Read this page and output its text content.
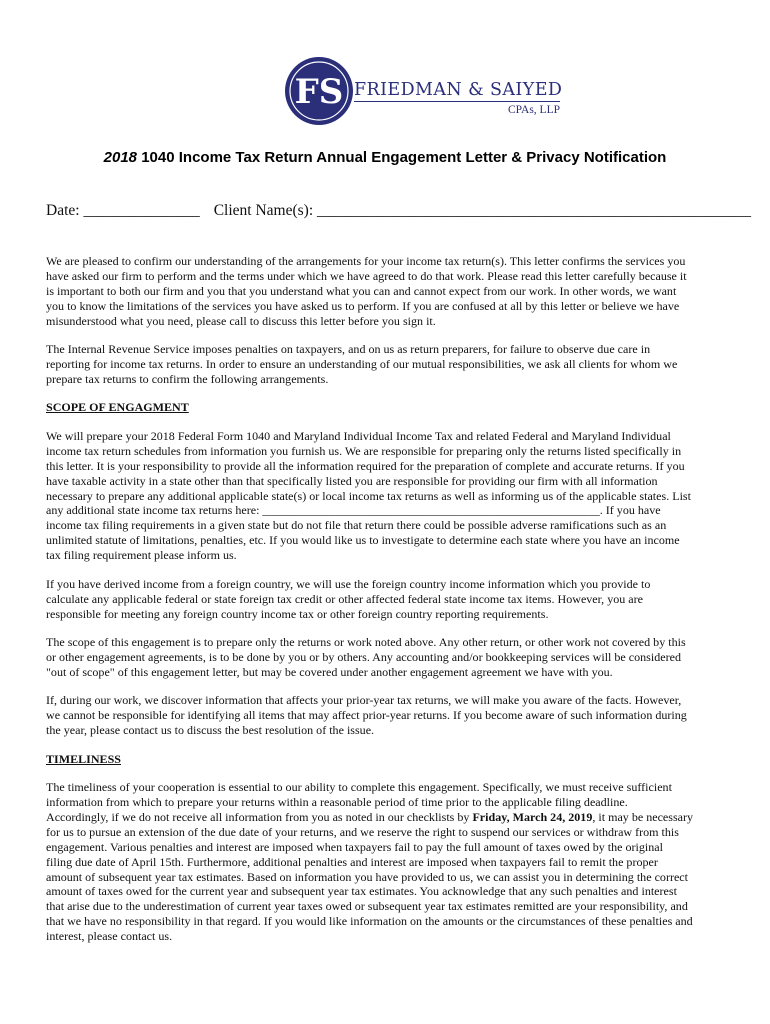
FS FRIEDMAN & SAIYED
CPAs, LLP
2018 1040 Income Tax Return Annual Engagement Letter & Privacy Notification
Date: _______________ Client Name(s): ________________________________________________________

We are pleased to confirm our understanding of the arrangements for your income tax return(s). This letter confirms the services you
have asked our firm to perform and the terms under which we have agreed to do that work. Please read this letter carefully because it
is important to both our firm and you that you understand what you can and cannot expect from our work. In other words, we want
you to know the limitations of the services you have asked us to perform. If you are confused at all by this letter or believe we have
misunderstood what you need, please call to discuss this letter before you sign it.

The Internal Revenue Service imposes penalties on taxpayers, and on us as return preparers, for failure to observe due care in
reporting for income tax returns. In order to ensure an understanding of our mutual responsibilities, we ask all clients for whom we
prepare tax returns to confirm the following arrangements.

SCOPE OF ENGAGMENT

We will prepare your 2018 Federal Form 1040 and Maryland Individual Income Tax and related Federal and Maryland Individual
income tax return schedules from information you furnish us. We are responsible for preparing only the returns listed specifically in
this letter. It is your responsibility to provide all the information required for the preparation of complete and accurate returns. If you
have taxable activity in a state other than that specifically listed you are responsible for providing our firm with all information
necessary to prepare any additional applicable state(s) or local income tax returns as well as informing us of the applicable states. List
any additional state income tax returns here: ________________________________________________________. If you have
income tax filing requirements in a given state but do not file that return there could be possible adverse ramifications such as an
unlimited statute of limitations, penalties, etc. If you would like us to investigate to determine each state where you have an income
tax filing requirement please inform us.

If you have derived income from a foreign country, we will use the foreign country income information which you provide to
calculate any applicable federal or state foreign tax credit or other affected federal state income tax items. However, you are
responsible for meeting any foreign country income tax or other foreign country reporting requirements.

The scope of this engagement is to prepare only the returns or work noted above. Any other return, or other work not covered by this
or other engagement agreements, is to be done by you or by others. Any accounting and/or bookkeeping services will be considered
"out of scope" of this engagement letter, but may be covered under another engagement agreement we have with you.

If, during our work, we discover information that affects your prior-year tax returns, we will make you aware of the facts. However,
we cannot be responsible for identifying all items that may affect prior-year returns. If you become aware of such information during
the year, please contact us to discuss the best resolution of the issue.

TIMELINESS

The timeliness of your cooperation is essential to our ability to complete this engagement. Specifically, we must receive sufficient
information from which to prepare your returns within a reasonable period of time prior to the applicable filing deadline.
Accordingly, if we do not receive all information from you as noted in our checklists by Friday, March 24, 2019, it may be necessary
for us to pursue an extension of the due date of your returns, and we reserve the right to suspend our services or withdraw from this
engagement. Various penalties and interest are imposed when taxpayers fail to pay the full amount of taxes owed by the original
filing due date of April 15th. Furthermore, additional penalties and interest are imposed when taxpayers fail to remit the proper
amount of subsequent year tax estimates. Based on information you have provided to us, we can assist you in determining the correct
amount of taxes owed for the current year and subsequent year tax estimates. You acknowledge that any such penalties and interest
that arise due to the underestimation of current year taxes owed or subsequent year tax estimates remitted are your responsibility, and
that we have no responsibility in that regard. If you would like information on the amounts or the circumstances of these penalties and
interest, please contact us.
